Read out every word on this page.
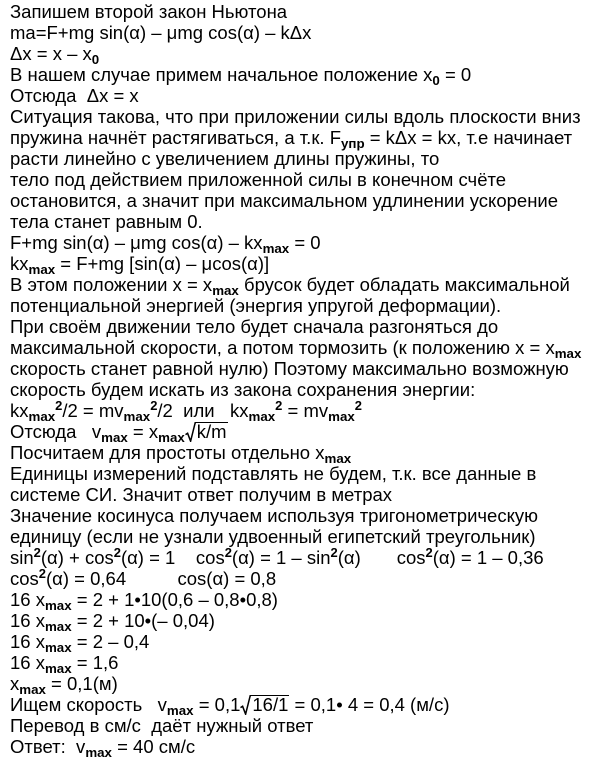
Запишем второй закон Ньютона
ma=F+mg sin(α) – μmg cos(α) – kΔx
$\Delta x = x - x_0$
В нашем случае примем начальное положение $x_0 = 0$
Отсюда  Δx = x
Ситуация такова, что при приложении силы вдоль плоскости вниз
пружина начнёт растягиваться, а т.к. $F_{упр} = k\Delta x$ = kx, т.е начинает
расти линейно с увеличением длины пружины, то
тело под действием приложенной силы в конечном счёте
остановится, а значит при максимальном удлинении ускорение
тела станет равным 0.
F+mg sin(α) – μmg $\cos(\alpha) - kx_{max} = 0$
$kx_{max} = F+mg$ [sin(α) – μcos(α)]
В этом положении $x = x_{max}$ брусок будет обладать максимальной
потенциальной энергией (энергия упругой деформации).
При своём движении тело будет сначала разгоняться до
максимальной скорости, а потом тормозить (к положению $x = x_{max}$
скорость станет равной нулю) Поэтому максимально возможную
скорость будем искать из закона сохранения энергии:
$kx_{max}^2/2 = mv_{max}^2/2$  или   $kx_{max}^2 = mv_{max}^2$
Отсюда   $v_{max} = x_{max}$ k/m
Посчитаем для простоты отдельно $x_{max}$
Единицы измерений подставлять не будем, т.к. все данные в
системе СИ. Значит ответ получим в метрах
Значение косинуса получаем используя тригонометрическую
единицу (если не узнали удвоенный египетский треугольник)
$\sin^2(\alpha) + \cos^2(\alpha) = 1$    $\cos^2(\alpha) = 1 - \sin^2(\alpha)$       $\cos^2(\alpha) = 1 - 0,36$
$\cos^2(\alpha) = 0,64$          cos(α) = 0,8
16 $x_{max} = 2$ + 1•10(0,6 – 0,8•0,8)
16 $x_{max} = 2$ + 10•(– 0,04)
16 $x_{max} = 2 - 0,4$
16 $x_{max} = 1,6$
$x_{max} = 0,1(м)$
Ищем скорость   $v_{max} = 0,1$ 16/1 = 0,1• 4 = 0,4 (м/с)
Перевод в см/с  даёт нужный ответ
Ответ:  $v_{max} = 40$ см/с
